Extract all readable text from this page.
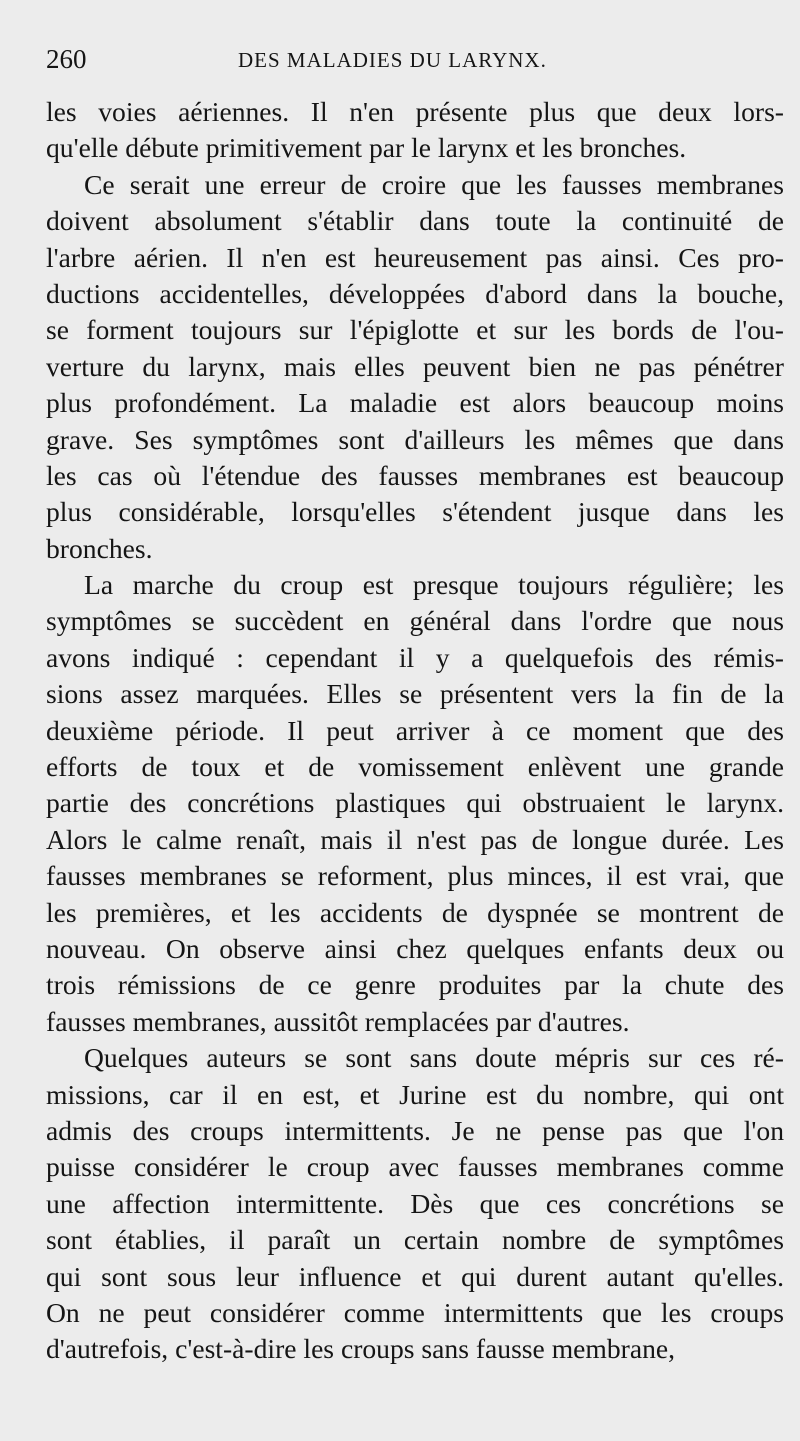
260	DES MALADIES DU LARYNX.
les voies aériennes. Il n'en présente plus que deux lors-
qu'elle débute primitivement par le larynx et les bronches.
Ce serait une erreur de croire que les fausses membranes
doivent absolument s'établir dans toute la continuité de
l'arbre aérien. Il n'en est heureusement pas ainsi. Ces pro-
ductions accidentelles, développées d'abord dans la bouche,
se forment toujours sur l'épiglotte et sur les bords de l'ou-
verture du larynx, mais elles peuvent bien ne pas pénétrer
plus profondément. La maladie est alors beaucoup moins
grave. Ses symptômes sont d'ailleurs les mêmes que dans
les cas où l'étendue des fausses membranes est beaucoup
plus considérable, lorsqu'elles s'étendent jusque dans les
bronches.
La marche du croup est presque toujours régulière; les
symptômes se succèdent en général dans l'ordre que nous
avons indiqué : cependant il y a quelquefois des rémis-
sions assez marquées. Elles se présentent vers la fin de la
deuxième période. Il peut arriver à ce moment que des
efforts de toux et de vomissement enlèvent une grande
partie des concrétions plastiques qui obstruaient le larynx.
Alors le calme renaît, mais il n'est pas de longue durée. Les
fausses membranes se reforment, plus minces, il est vrai, que
les premières, et les accidents de dyspnée se montrent de
nouveau. On observe ainsi chez quelques enfants deux ou
trois rémissions de ce genre produites par la chute des
fausses membranes, aussitôt remplacées par d'autres.
Quelques auteurs se sont sans doute mépris sur ces ré-
missions, car il en est, et Jurine est du nombre, qui ont
admis des croups intermittents. Je ne pense pas que l'on
puisse considérer le croup avec fausses membranes comme
une affection intermittente. Dès que ces concrétions se
sont établies, il paraît un certain nombre de symptômes
qui sont sous leur influence et qui durent autant qu'elles.
On ne peut considérer comme intermittents que les croups
d'autrefois, c'est-à-dire les croups sans fausse membrane,
